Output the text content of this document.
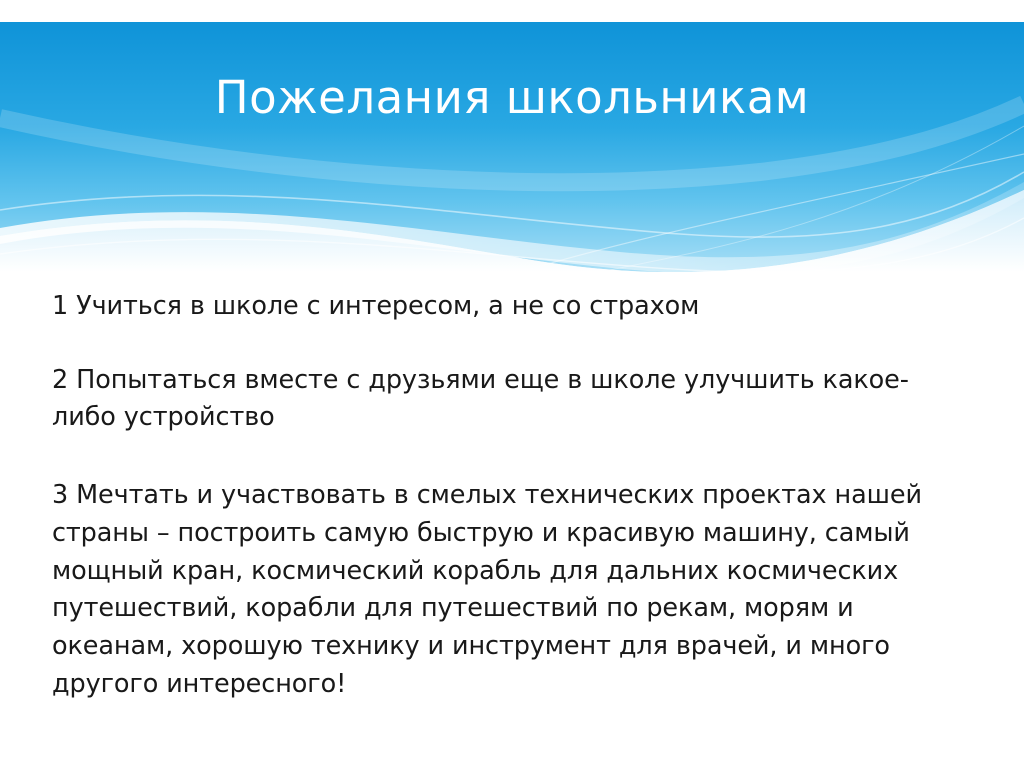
Пожелания школьникам

1 Учиться в школе с интересом, а не со страхом

2 Попытаться вместе с друзьями еще в школе улучшить какое-либо устройство

3 Мечтать и участвовать в смелых технических проектах нашей страны – построить самую быструю и красивую машину, самый мощный кран, космический корабль для дальних космических путешествий, корабли для путешествий по рекам, морям и океанам, хорошую технику и инструмент для врачей, и много другого интересного!
